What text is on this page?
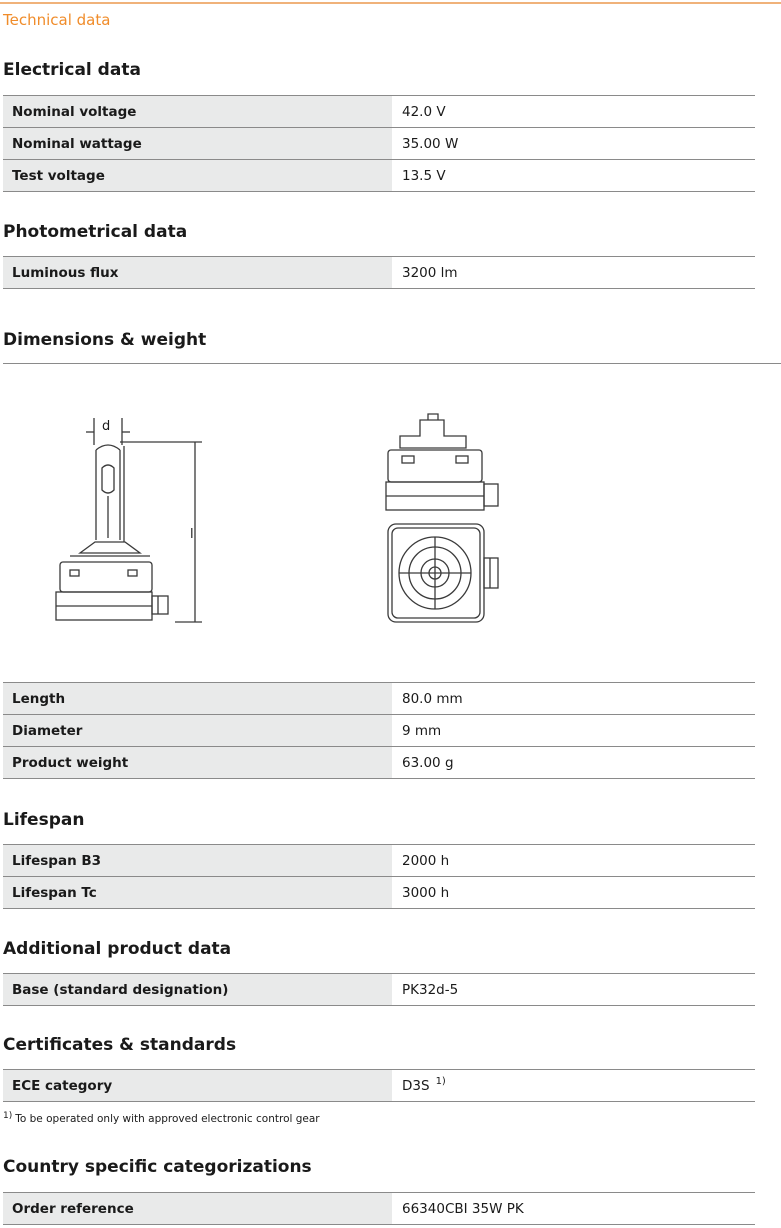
Technical data
Electrical data
Nominal voltage	42.0 V
Nominal wattage	35.00 W
Test voltage	13.5 V
Photometrical data
Luminous flux	3200 lm
Dimensions & weight
d
l
Length	80.0 mm
Diameter	9 mm
Product weight	63.00 g
Lifespan
Lifespan B3	2000 h
Lifespan Tc	3000 h
Additional product data
Base (standard designation)	PK32d-5
Certificates & standards
ECE category	D3S $^{1)}$
1) To be operated only with approved electronic control gear
Country specific categorizations
Order reference	66340CBI 35W PK
